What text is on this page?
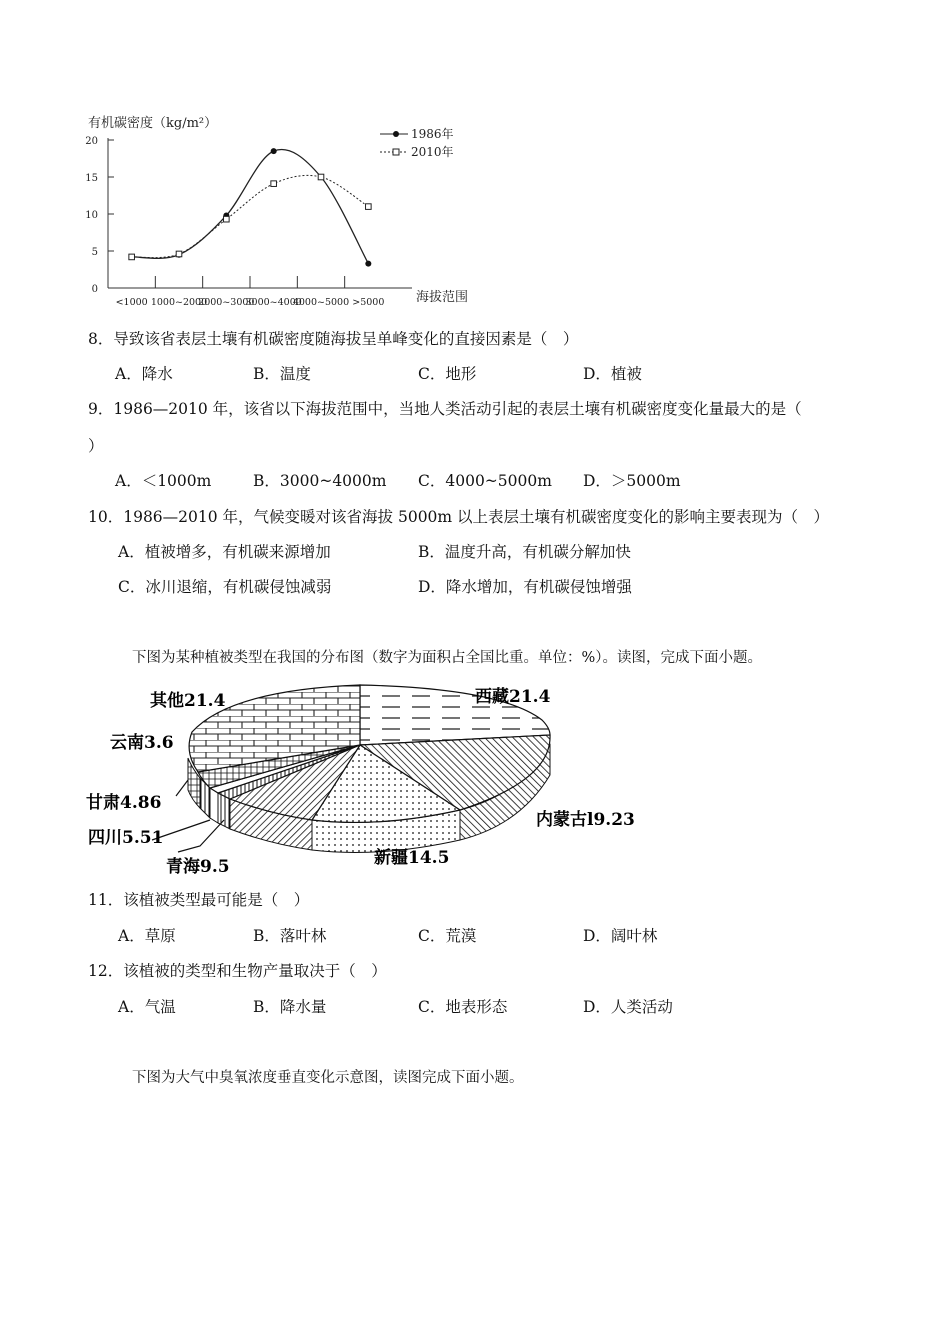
有机碳密度（kg/m²）
0
5
10
15
20
<1000 1000~2000
2000~3000
3000~4000
4000~5000 >5000 海拔范围
1986年
2010年
8．导致该省表层土壤有机碳密度随海拔呈单峰变化的直接因素是（　）
A．降水	B．温度	C．地形	D．植被
9．1986—2010 年，该省以下海拔范围中，当地人类活动引起的表层土壤有机碳密度变化量最大的是（
）
A．＜1000m	B．3000~4000m C．4000~5000m D．＞5000m
10．1986—2010 年，气候变暖对该省海拔 5000m 以上表层土壤有机碳密度变化的影响主要表现为（　）
A．植被增多，有机碳来源增加	B．温度升高，有机碳分解加快
C．冰川退缩，有机碳侵蚀减弱	D．降水增加，有机碳侵蚀增强
下图为某种植被类型在我国的分布图（数字为面积占全国比重。单位：%）。读图，完成下面小题。
其他21.4	西藏21.4
云南3.6
甘肃4.86
四川5.51
青海9.5	新疆14.5
内蒙古l9.23
11．该植被类型最可能是（　）
A．草原	B．落叶林	C．荒漠	D．阔叶林
12．该植被的类型和生物产量取决于（　）
A．气温	B．降水量	C．地表形态	D．人类活动
下图为大气中臭氧浓度垂直变化示意图，读图完成下面小题。
